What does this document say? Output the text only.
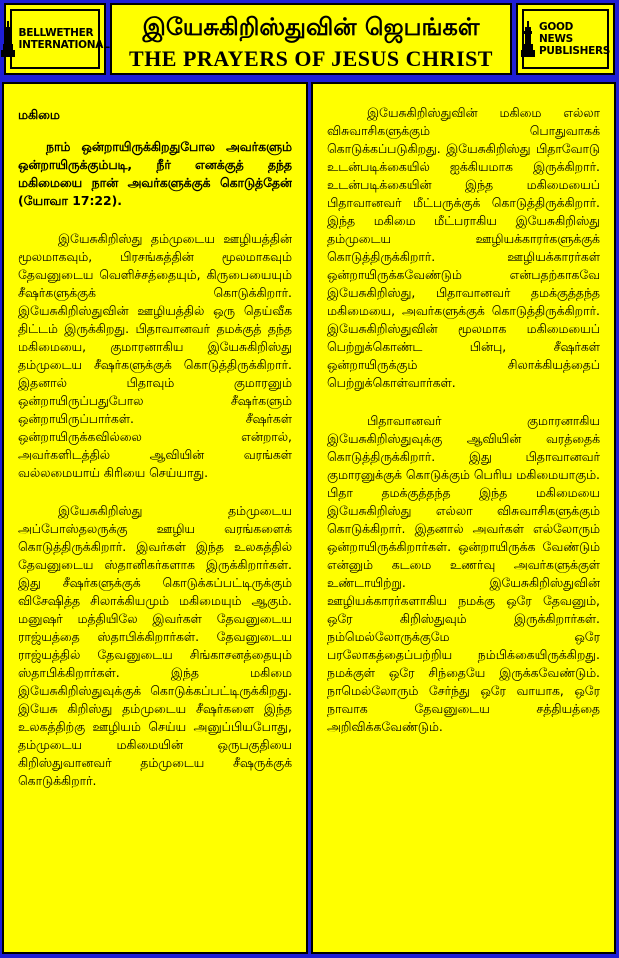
BELLWETHER
INTERNATIONAL
இயேசுகிறிஸ்துவின் ஜெபங்கள்
THE PRAYERS OF JESUS CHRIST
GOOD NEWS
PUBLISHERS

மகிமை

நாம் ஒன்றாயிருக்கிறதுபோல அவர்களும் ஒன்றாயிருக்கும்படி, நீர் எனக்குத் தந்த மகிமையை நான் அவர்களுக்குக் கொடுத்தேன் (யோவா 17:22).

இயேசுகிறிஸ்து தம்முடைய ஊழியத்தின் மூலமாகவும், பிரசங்கத்தின் மூலமாகவும் தேவனுடைய வெளிச்சத்தையும், கிருபையையும் சீஷர்களுக்குக் கொடுக்கிறார். இயேசுகிறிஸ்துவின் ஊழியத்தில் ஒரு தெய்வீக திட்டம் இருக்கிறது. பிதாவானவர் தமக்குத் தந்த மகிமையை, குமாரனாகிய இயேசுகிறிஸ்து தம்முடைய சீஷர்களுக்குக் கொடுத்திருக்கிறார். இதனால் பிதாவும் குமாரனும் ஒன்றாயிருப்பதுபோல சீஷர்களும் ஒன்றாயிருப்பார்கள். சீஷர்கள் ஒன்றாயிருக்கவில்லை என்றால், அவர்களிடத்தில் ஆவியின் வரங்கள் வல்லமையாய் கிரியை செய்யாது.

இயேசுகிறிஸ்து தம்முடைய அப்போஸ்தலருக்கு ஊழிய வரங்களைக் கொடுத்திருக்கிறார். இவர்கள் இந்த உலகத்தில் தேவனுடைய ஸ்தானிகர்களாக இருக்கிறார்கள். இது சீஷர்களுக்குக் கொடுக்கப்பட்டிருக்கும் விசேஷித்த சிலாக்கியமும் மகிமையும் ஆகும். மனுஷர் மத்தியிலே இவர்கள் தேவனுடைய ராஜ்யத்தை ஸ்தாபிக்கிறார்கள். தேவனுடைய ராஜ்யத்தில் தேவனுடைய சிங்காசனத்தையும் ஸ்தாபிக்கிறார்கள். இந்த மகிமை இயேசுகிறிஸ்துவுக்குக் கொடுக்கப்பட்டிருக்கிறது. இயேசு கிறிஸ்து தம்முடைய சீஷர்களை இந்த உலகத்திற்கு ஊழியம் செய்ய அனுப்பியபோது, தம்முடைய மகிமையின் ஒருபகுதியை கிறிஸ்துவானவர் தம்முடைய சீஷருக்குக் கொடுக்கிறார்.

இயேசுகிறிஸ்துவின் மகிமை எல்லா விசுவாசிகளுக்கும் பொதுவாகக் கொடுக்கப்படுகிறது. இயேசுகிறிஸ்து பிதாவோடு உடன்படிக்கையில் ஐக்கியமாக இருக்கிறார். உடன்படிக்கையின் இந்த மகிமையைப் பிதாவானவர் மீட்பருக்குக் கொடுத்திருக்கிறார். இந்த மகிமை மீட்பராகிய இயேசுகிறிஸ்து தம்முடைய ஊழியக்காரர்களுக்குக் கொடுத்திருக்கிறார். ஊழியக்காரர்கள் ஒன்றாயிருக்கவேண்டும் என்பதற்காகவே இயேசுகிறிஸ்து, பிதாவானவர் தமக்குத்தந்த மகிமையை, அவர்களுக்குக் கொடுத்திருக்கிறார். இயேசுகிறிஸ்துவின் மூலமாக மகிமையைப் பெற்றுக்கொண்ட பின்பு, சீஷர்கள் ஒன்றாயிருக்கும் சிலாக்கியத்தைப் பெற்றுக்கொள்வார்கள்.

பிதாவானவர் குமாரனாகிய இயேசுகிறிஸ்துவுக்கு ஆவியின் வரத்தைக் கொடுத்திருக்கிறார். இது பிதாவானவர் குமாரனுக்குக் கொடுக்கும் பெரிய மகிமையாகும். பிதா தமக்குத்தந்த இந்த மகிமையை இயேசுகிறிஸ்து எல்லா விசுவாசிகளுக்கும் கொடுக்கிறார். இதனால் அவர்கள் எல்லோரும் ஒன்றாயிருக்கிறார்கள். ஒன்றாயிருக்க வேண்டும் என்னும் கடமை உணர்வு அவர்களுக்குள் உண்டாயிற்று. இயேசுகிறிஸ்துவின் ஊழியக்காரர்களாகிய நமக்கு ஒரே தேவனும், ஒரே கிறிஸ்துவும் இருக்கிறார்கள். நம்மெல்லோருக்குமே ஒரே பரலோகத்தைப்பற்றிய நம்பிக்கையிருக்கிறது. நமக்குள் ஒரே சிந்தையே இருக்கவேண்டும். நாமெல்லோரும் சேர்ந்து ஒரே வாயாக, ஒரே நாவாக தேவனுடைய சத்தியத்தை அறிவிக்கவேண்டும்.
